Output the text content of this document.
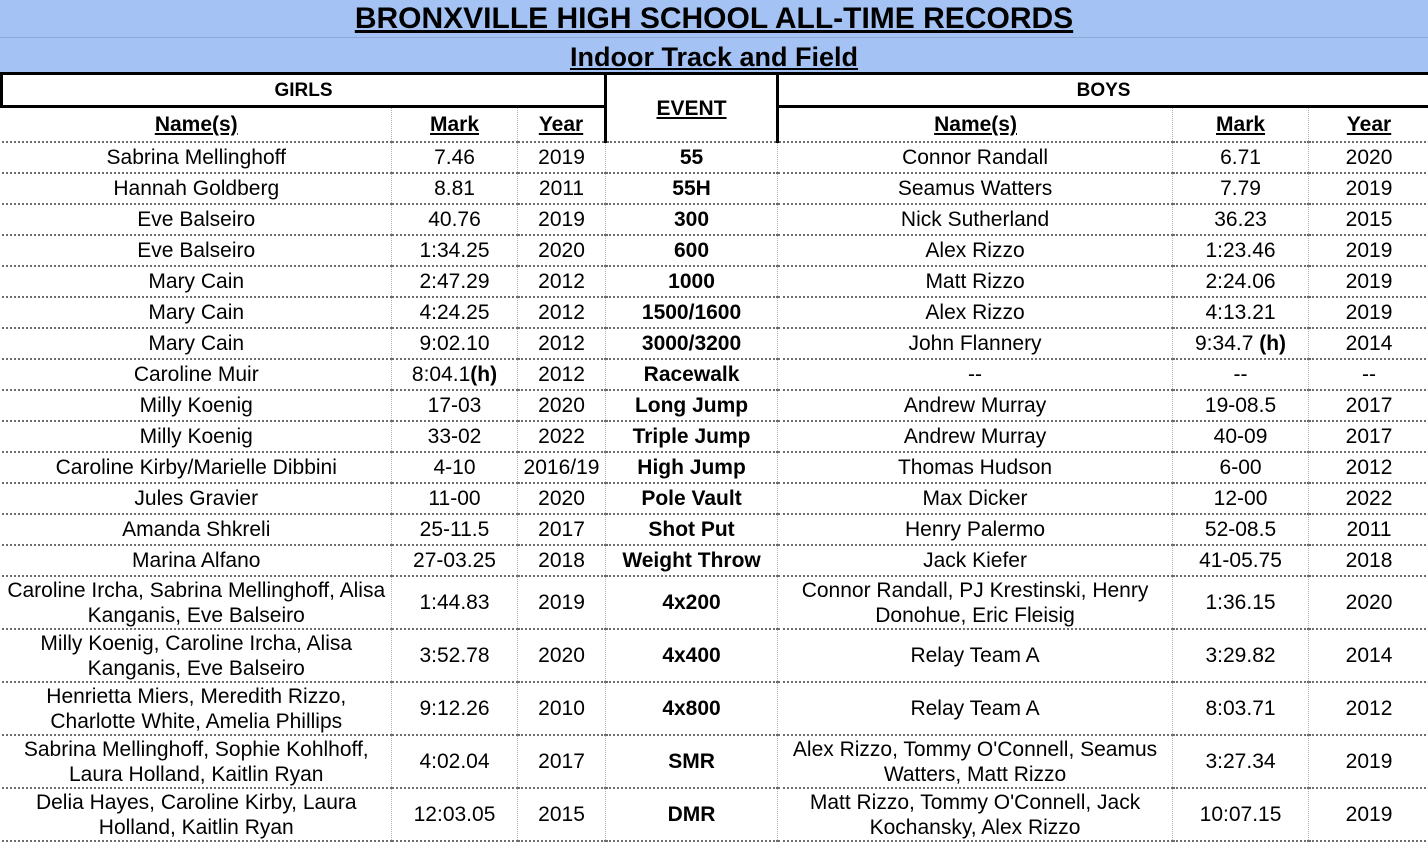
BRONXVILLE HIGH SCHOOL ALL-TIME RECORDS
Indoor Track and Field
GIRLS			EVENT	BOYS		
Name(s)	Mark	Year		Name(s)	Mark	Year
Sabrina Mellinghoff	7.46	2019	55	Connor Randall	6.71	2020
Hannah Goldberg	8.81	2011	55H	Seamus Watters	7.79	2019
Eve Balseiro	40.76	2019	300	Nick Sutherland	36.23	2015
Eve Balseiro	1:34.25	2020	600	Alex Rizzo	1:23.46	2019
Mary Cain	2:47.29	2012	1000	Matt Rizzo	2:24.06	2019
Mary Cain	4:24.25	2012	1500/1600	Alex Rizzo	4:13.21	2019
Mary Cain	9:02.10	2012	3000/3200	John Flannery	9:34.7 (h)	2014
Caroline Muir	8:04.1(h)	2012	Racewalk	--	--	--
Milly Koenig	17-03	2020	Long Jump	Andrew Murray	19-08.5	2017
Milly Koenig	33-02	2022	Triple Jump	Andrew Murray	40-09	2017
Caroline Kirby/Marielle Dibbini	4-10	2016/19	High Jump	Thomas Hudson	6-00	2012
Jules Gravier	11-00	2020	Pole Vault	Max Dicker	12-00	2022
Amanda Shkreli	25-11.5	2017	Shot Put	Henry Palermo	52-08.5	2011
Marina Alfano	27-03.25	2018	Weight Throw	Jack Kiefer	41-05.75	2018
Caroline Ircha, Sabrina Mellinghoff, Alisa Kanganis, Eve Balseiro	1:44.83	2019	4x200	Connor Randall, PJ Krestinski, Henry Donohue, Eric Fleisig	1:36.15	2020
Milly Koenig, Caroline Ircha, Alisa Kanganis, Eve Balseiro	3:52.78	2020	4x400	Relay Team A	3:29.82	2014
Henrietta Miers, Meredith Rizzo, Charlotte White, Amelia Phillips	9:12.26	2010	4x800	Relay Team A	8:03.71	2012
Sabrina Mellinghoff, Sophie Kohlhoff, Laura Holland, Kaitlin Ryan	4:02.04	2017	SMR	Alex Rizzo, Tommy O'Connell, Seamus Watters, Matt Rizzo	3:27.34	2019
Delia Hayes, Caroline Kirby, Laura Holland, Kaitlin Ryan	12:03.05	2015	DMR	Matt Rizzo, Tommy O'Connell, Jack Kochansky, Alex Rizzo	10:07.15	2019
